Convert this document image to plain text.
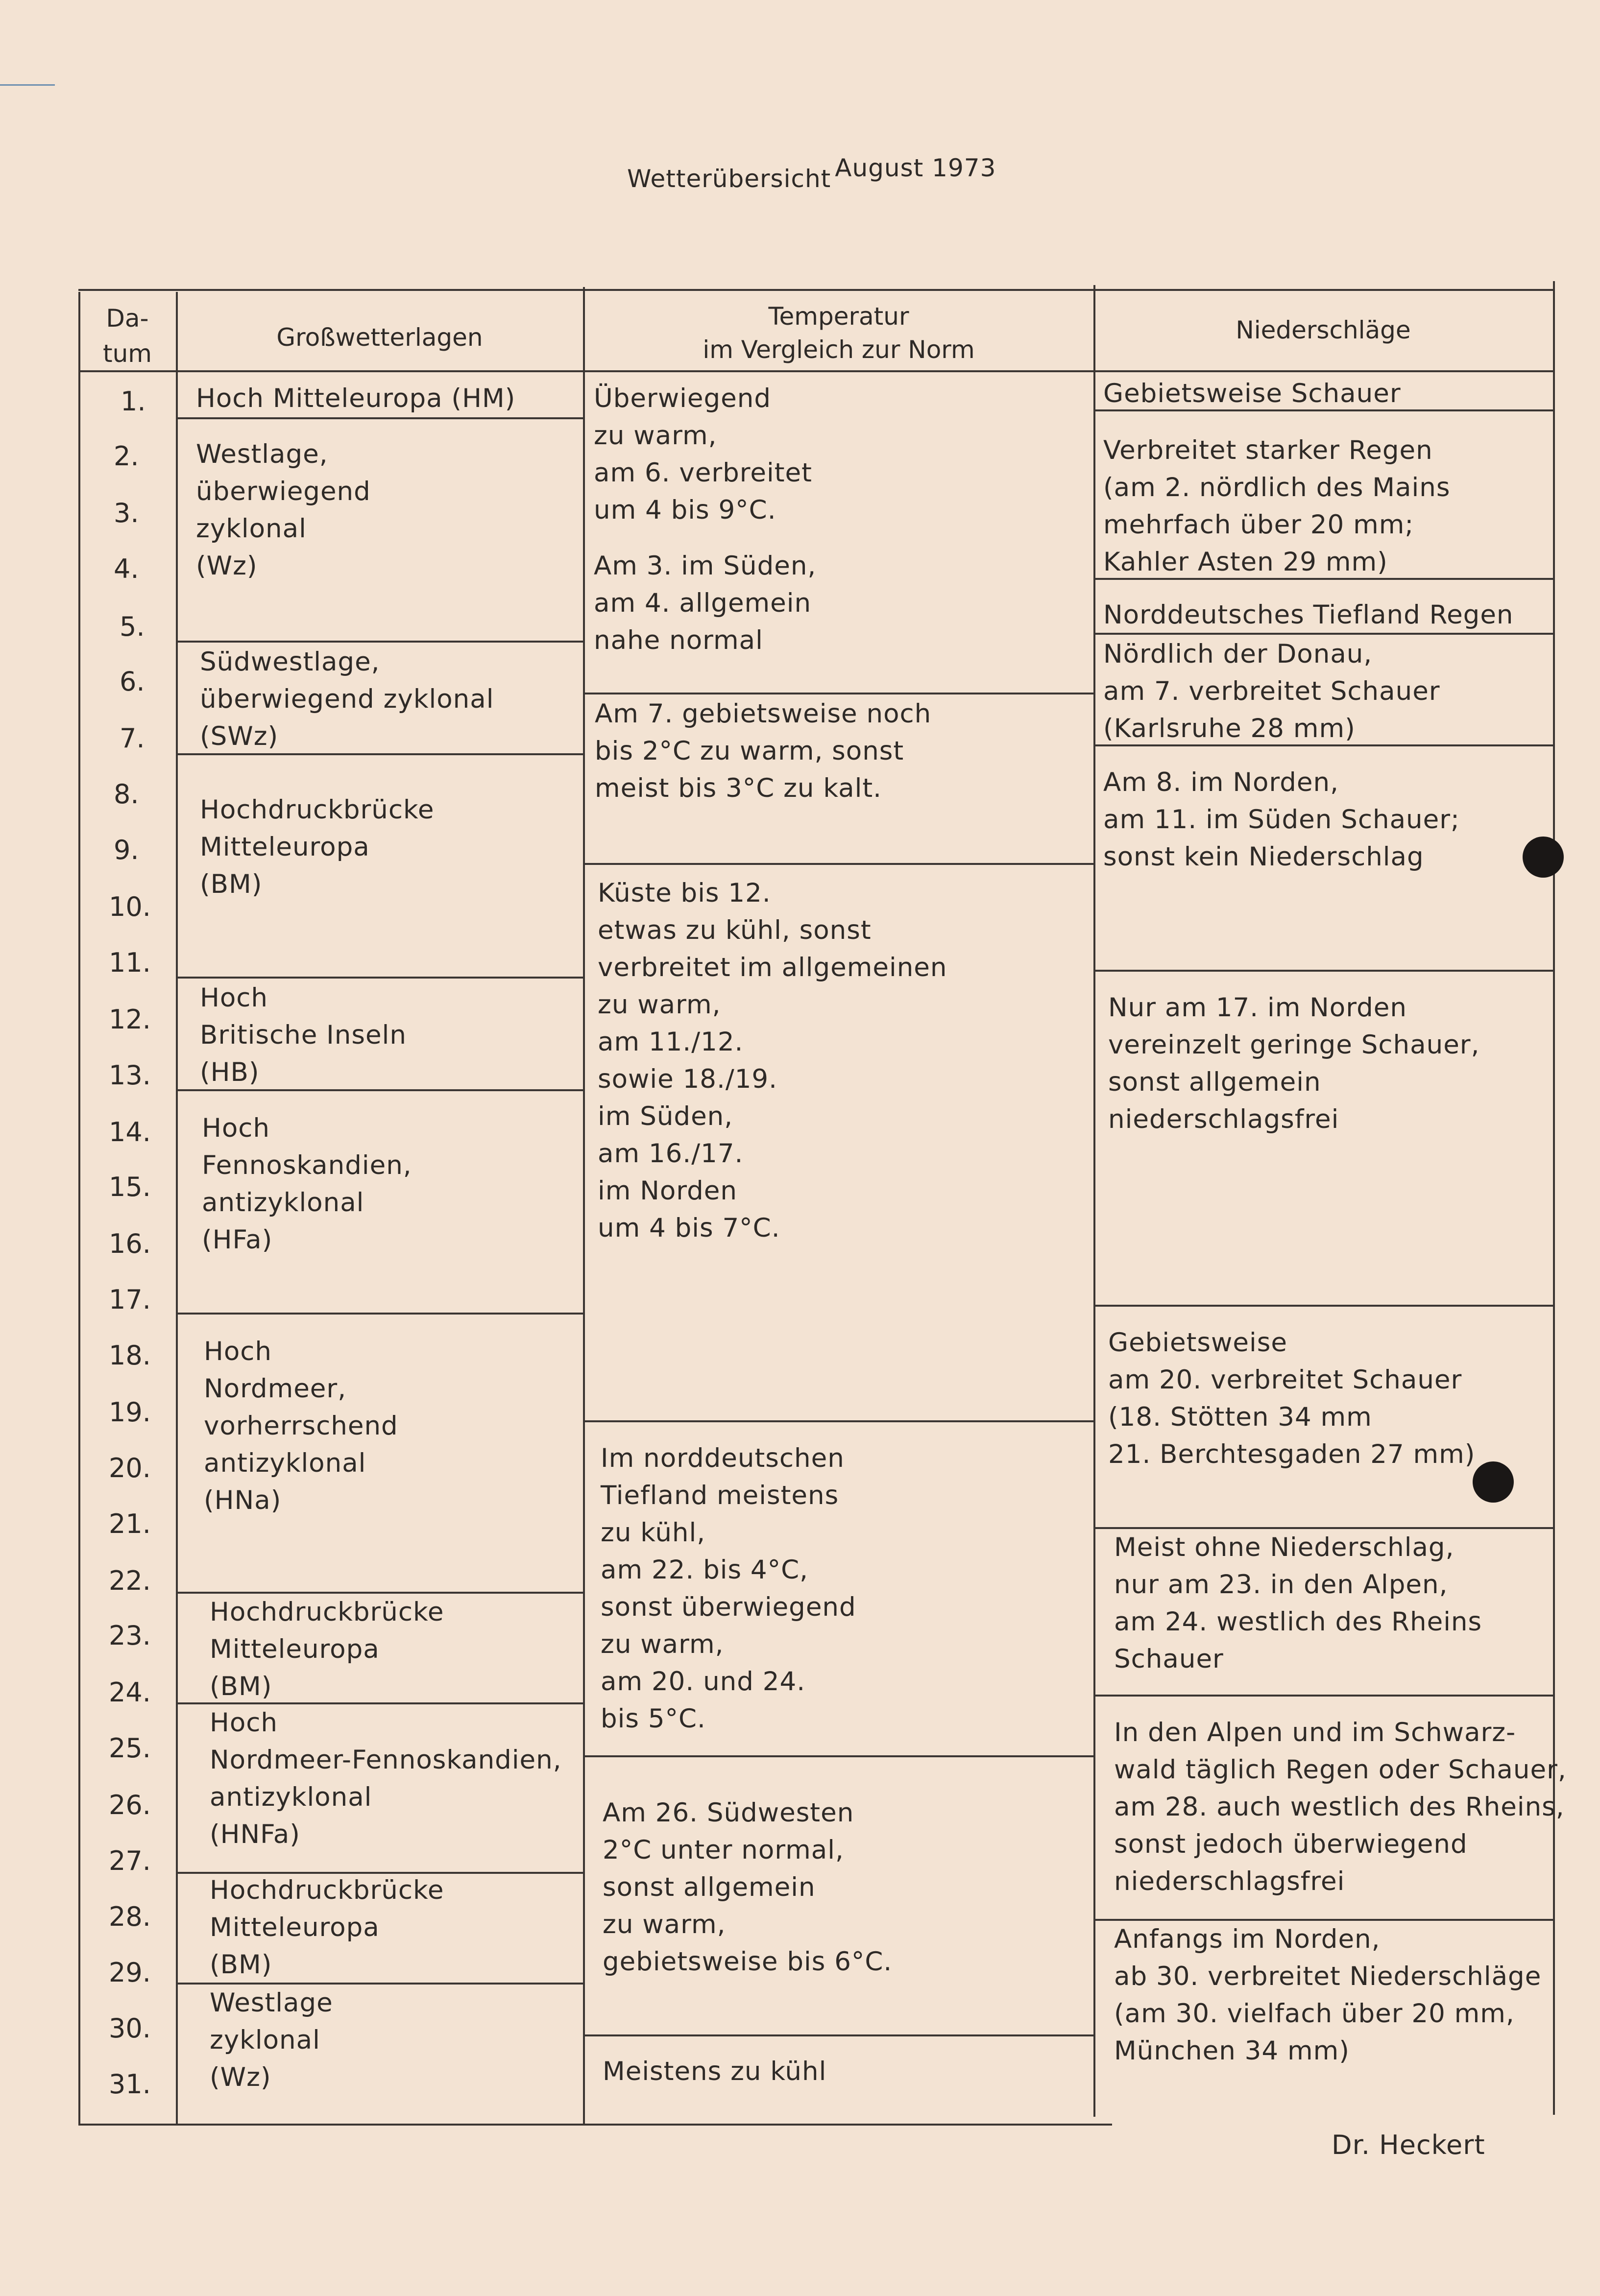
Wetterübersicht August 1973
Da-
tum
Großwetterlagen
Temperatur
im Vergleich zur Norm
Niederschläge
1.
2.
3.
4.
5.
6.
7.
8.
9.
10.
11.
12.
13.
14.
15.
16.
17.
18.
19.
20.
21.
22.
23.
24.
25.
26.
27.
28.
29.
30.
31.
Hoch Mitteleuropa (HM)
Westlage,
überwiegend
zyklonal
(Wz)
Südwestlage,
überwiegend zyklonal
(SWz)
Hochdruckbrücke
Mitteleuropa
(BM)
Hoch
Britische Inseln
(HB)
Hoch
Fennoskandien,
antizyklonal
(HFa)
Hoch
Nordmeer,
vorherrschend
antizyklonal
(HNa)
Hochdruckbrücke
Mitteleuropa
(BM)
Hoch
Nordmeer-Fennoskandien,
antizyklonal
(HNFa)
Hochdruckbrücke
Mitteleuropa
(BM)
Westlage
zyklonal
(Wz)
Überwiegend
zu warm,
am 6. verbreitet
um 4 bis 9°C.
Am 3. im Süden,
am 4. allgemein
nahe normal
Am 7. gebietsweise noch
bis 2°C zu warm, sonst
meist bis 3°C zu kalt.
Küste bis 12.
etwas zu kühl, sonst
verbreitet im allgemeinen
zu warm,
am 11./12.
sowie 18./19.
im Süden,
am 16./17.
im Norden
um 4 bis 7°C.
Im norddeutschen
Tiefland meistens
zu kühl,
am 22. bis 4°C,
sonst überwiegend
zu warm,
am 20. und 24.
bis 5°C.
Am 26. Südwesten
2°C unter normal,
sonst allgemein
zu warm,
gebietsweise bis 6°C.
Meistens zu kühl
Gebietsweise Schauer
Verbreitet starker Regen
(am 2. nördlich des Mains
mehrfach über 20 mm;
Kahler Asten 29 mm)
Norddeutsches Tiefland Regen
Nördlich der Donau,
am 7. verbreitet Schauer
(Karlsruhe 28 mm)
Am 8. im Norden,
am 11. im Süden Schauer;
sonst kein Niederschlag
Nur am 17. im Norden
vereinzelt geringe Schauer,
sonst allgemein
niederschlagsfrei
Gebietsweise
am 20. verbreitet Schauer
(18. Stötten 34 mm
21. Berchtesgaden 27 mm)
Meist ohne Niederschlag,
nur am 23. in den Alpen,
am 24. westlich des Rheins
Schauer
In den Alpen und im Schwarz-
wald täglich Regen oder Schauer,
am 28. auch westlich des Rheins,
sonst jedoch überwiegend
niederschlagsfrei
Anfangs im Norden,
ab 30. verbreitet Niederschläge
(am 30. vielfach über 20 mm,
München 34 mm)
Dr. Heckert
